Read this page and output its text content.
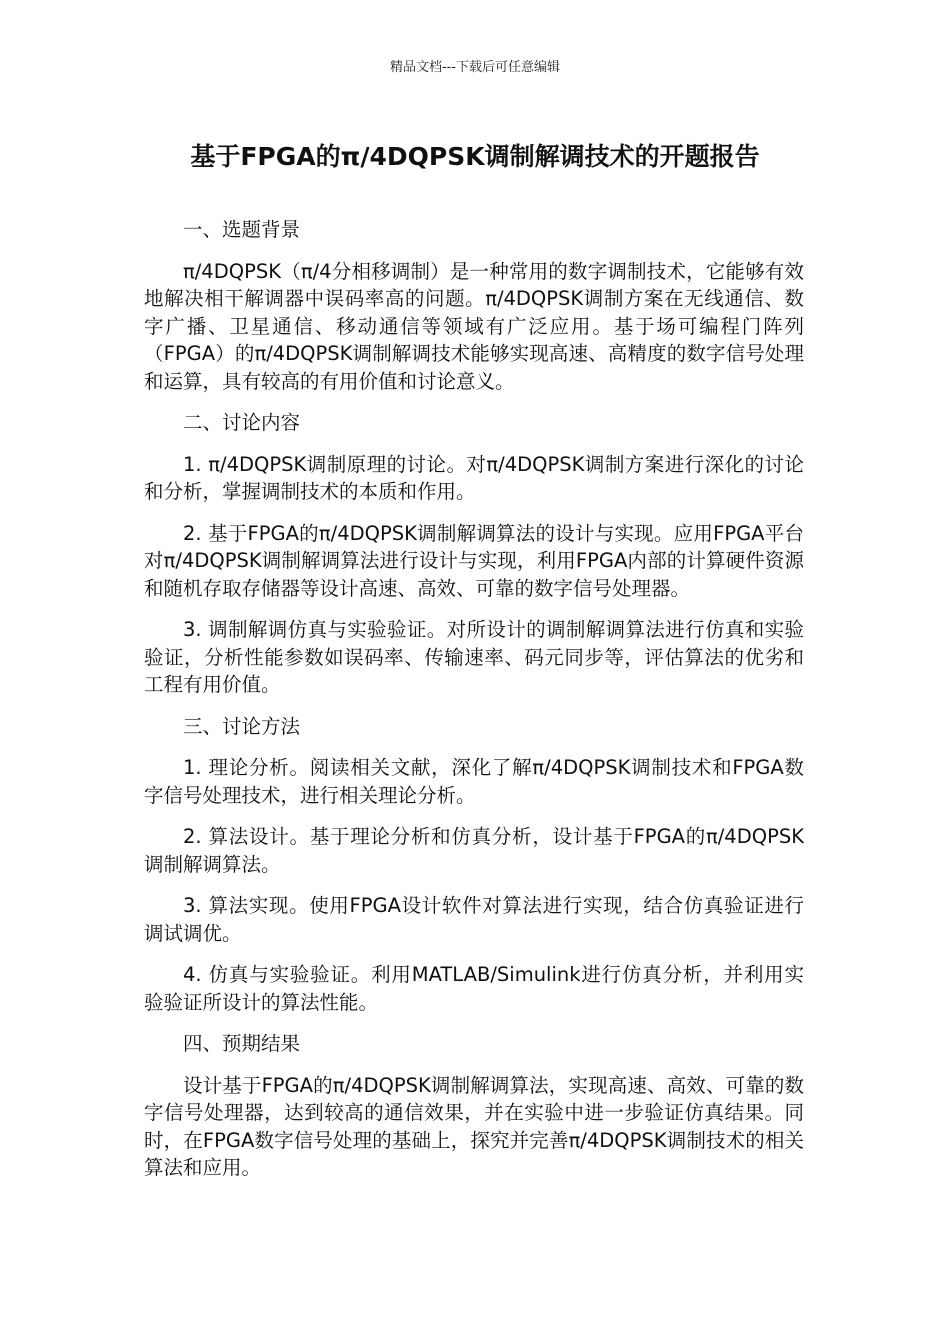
精品文档---下载后可任意编辑
基于FPGA的π/4DQPSK调制解调技术的开题报告

一、选题背景

π/4DQPSK（π/4分相移调制）是一种常用的数字调制技术，它能够有效地解决相干解调器中误码率高的问题。π/4DQPSK调制方案在无线通信、数字广播、卫星通信、移动通信等领域有广泛应用。基于场可编程门阵列（FPGA）的π/4DQPSK调制解调技术能够实现高速、高精度的数字信号处理和运算，具有较高的有用价值和讨论意义。

二、讨论内容

1. π/4DQPSK调制原理的讨论。对π/4DQPSK调制方案进行深化的讨论和分析，掌握调制技术的本质和作用。

2. 基于FPGA的π/4DQPSK调制解调算法的设计与实现。应用FPGA平台对π/4DQPSK调制解调算法进行设计与实现，利用FPGA内部的计算硬件资源和随机存取存储器等设计高速、高效、可靠的数字信号处理器。

3. 调制解调仿真与实验验证。对所设计的调制解调算法进行仿真和实验验证，分析性能参数如误码率、传输速率、码元同步等，评估算法的优劣和工程有用价值。

三、讨论方法

1. 理论分析。阅读相关文献，深化了解π/4DQPSK调制技术和FPGA数字信号处理技术，进行相关理论分析。

2. 算法设计。基于理论分析和仿真分析，设计基于FPGA的π/4DQPSK调制解调算法。

3. 算法实现。使用FPGA设计软件对算法进行实现，结合仿真验证进行调试调优。

4. 仿真与实验验证。利用MATLAB/Simulink进行仿真分析，并利用实验验证所设计的算法性能。

四、预期结果

设计基于FPGA的π/4DQPSK调制解调算法，实现高速、高效、可靠的数字信号处理器，达到较高的通信效果，并在实验中进一步验证仿真结果。同时，在FPGA数字信号处理的基础上，探究并完善π/4DQPSK调制技术的相关算法和应用。
